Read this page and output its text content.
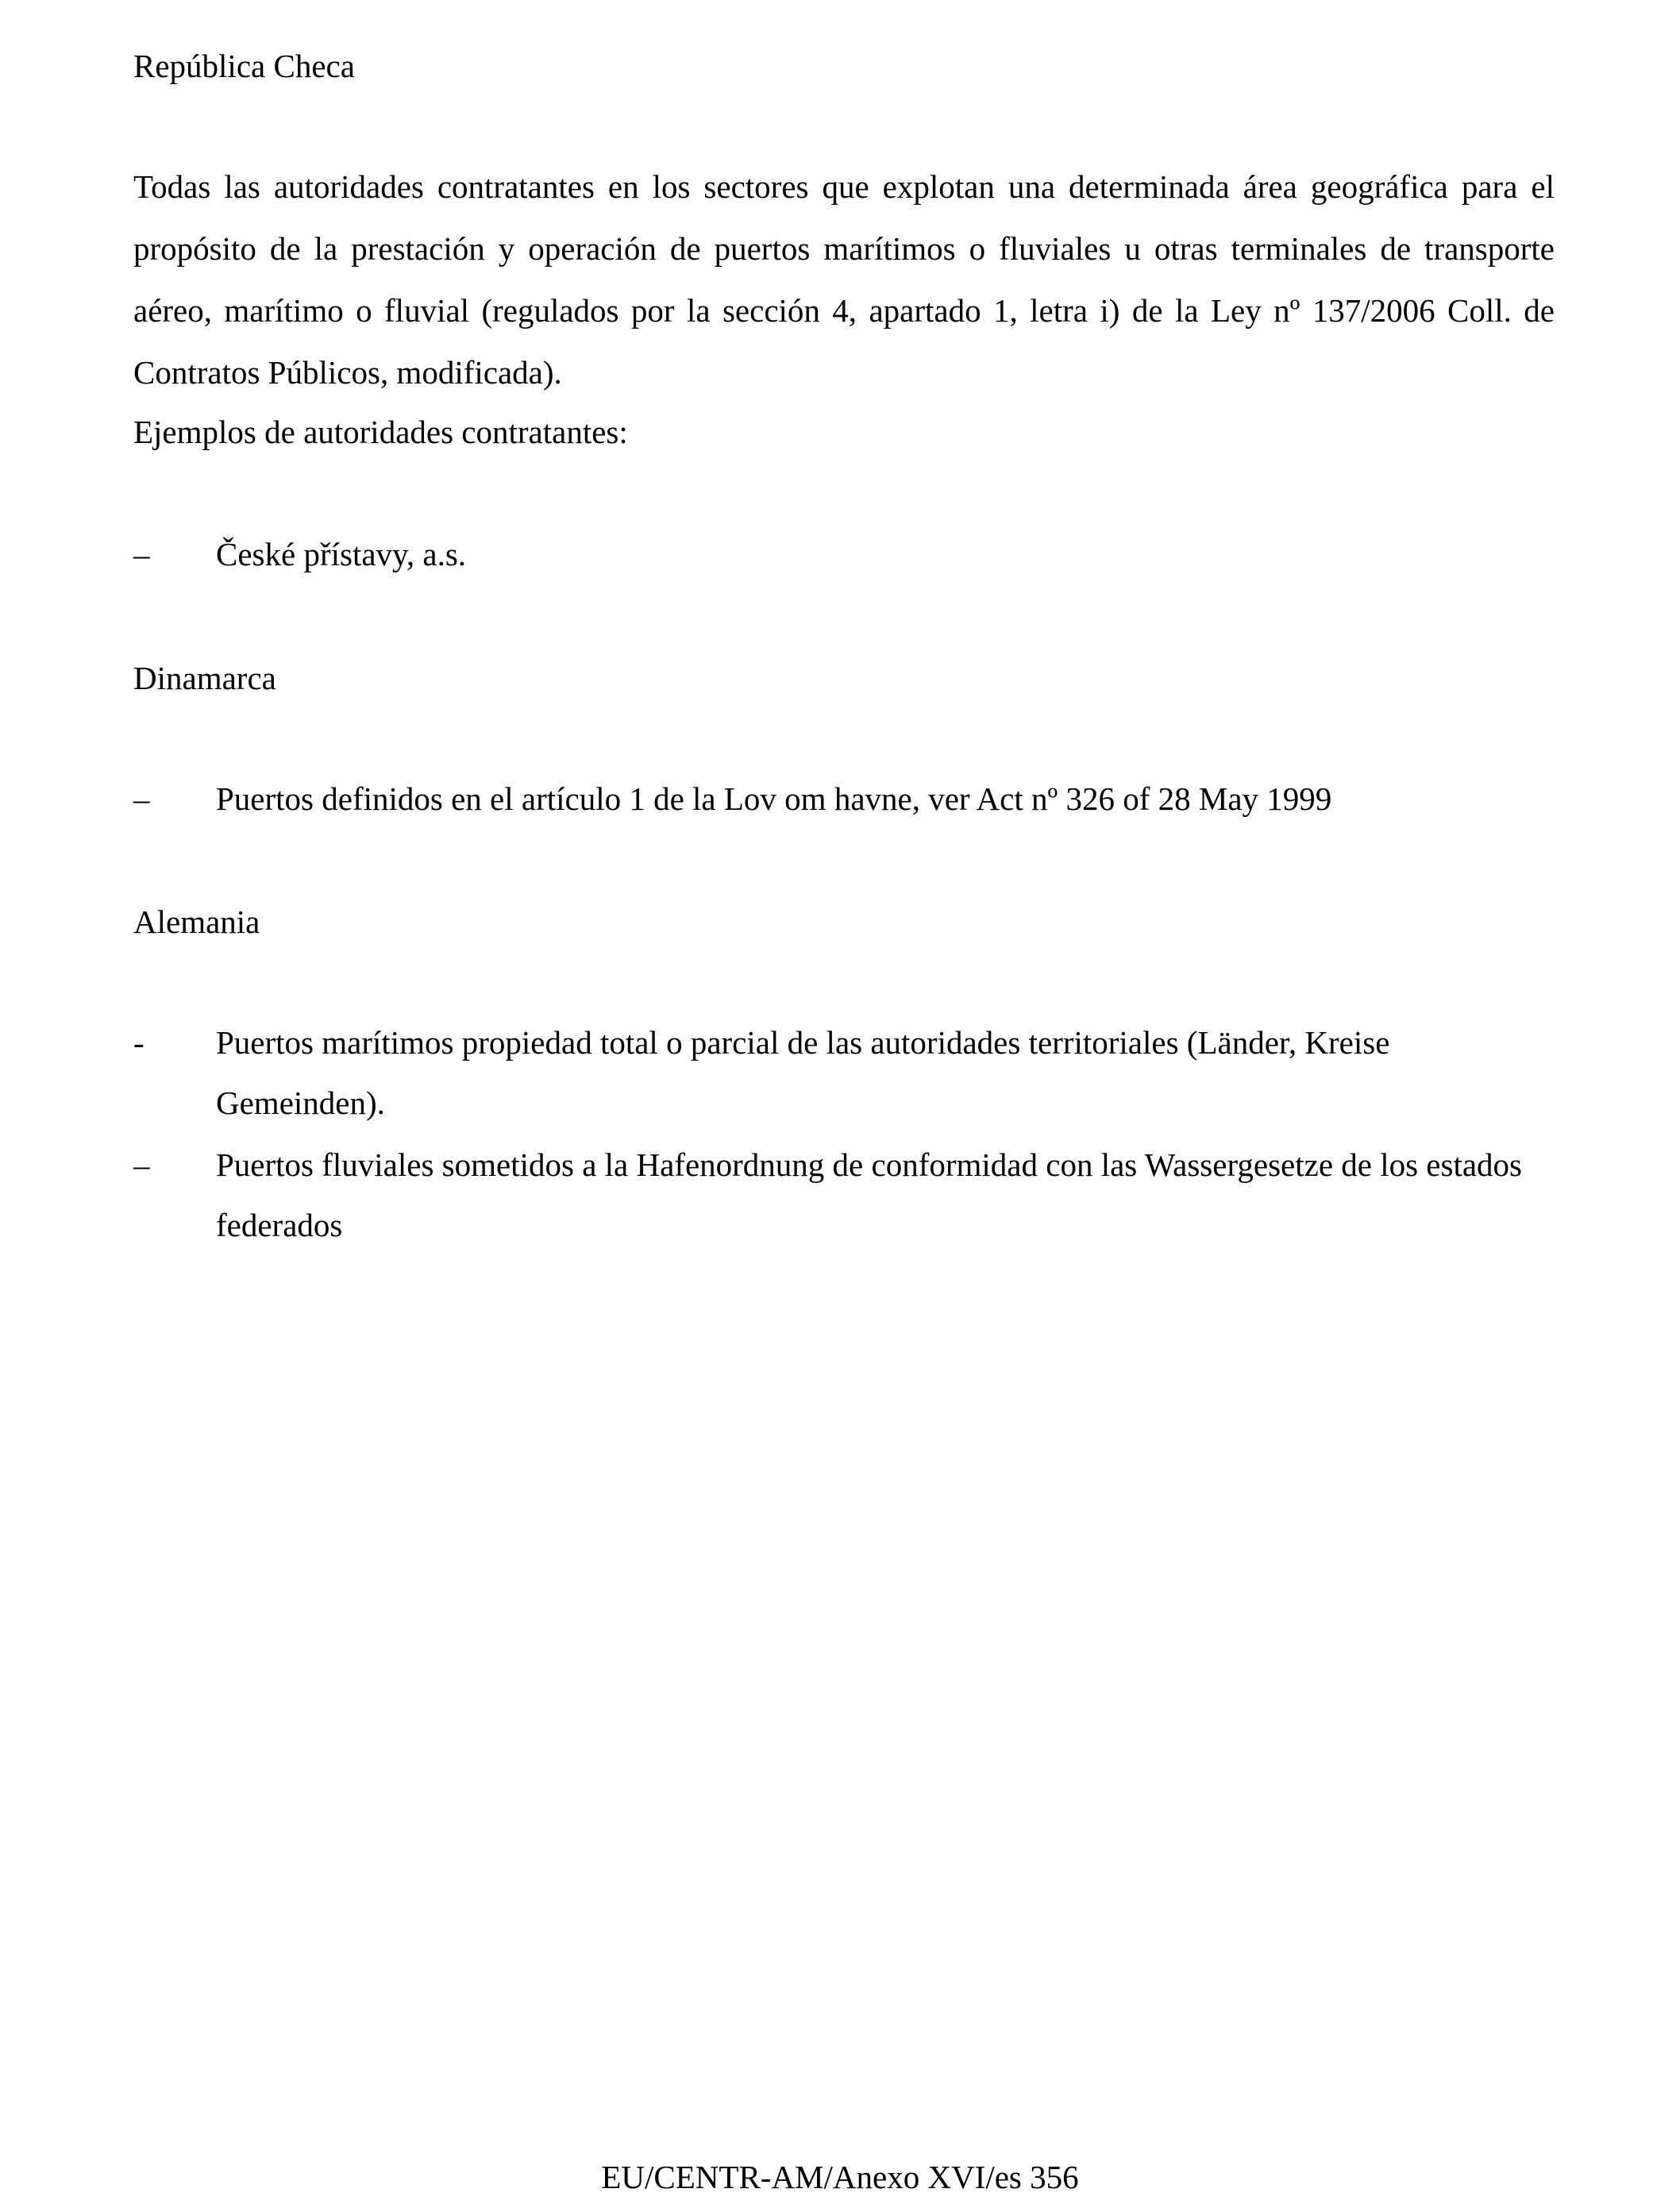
República Checa
Todas las autoridades contratantes en los sectores que explotan una determinada área geográfica para el propósito de la prestación y operación de puertos marítimos o fluviales u otras terminales de transporte aéreo, marítimo o fluvial (regulados por la sección 4, apartado 1, letra i) de la Ley nº 137/2006 Coll. de Contratos Públicos, modificada).
Ejemplos de autoridades contratantes:
–	České přístavy, a.s.
Dinamarca
–	Puertos definidos en el artículo 1 de la Lov om havne, ver Act nº 326 of 28 May 1999
Alemania
-	Puertos marítimos propiedad total o parcial de las autoridades territoriales (Länder, Kreise Gemeinden).
–	Puertos fluviales sometidos a la Hafenordnung de conformidad con las Wassergesetze de los estados federados
EU/CENTR-AM/Anexo XVI/es 356
